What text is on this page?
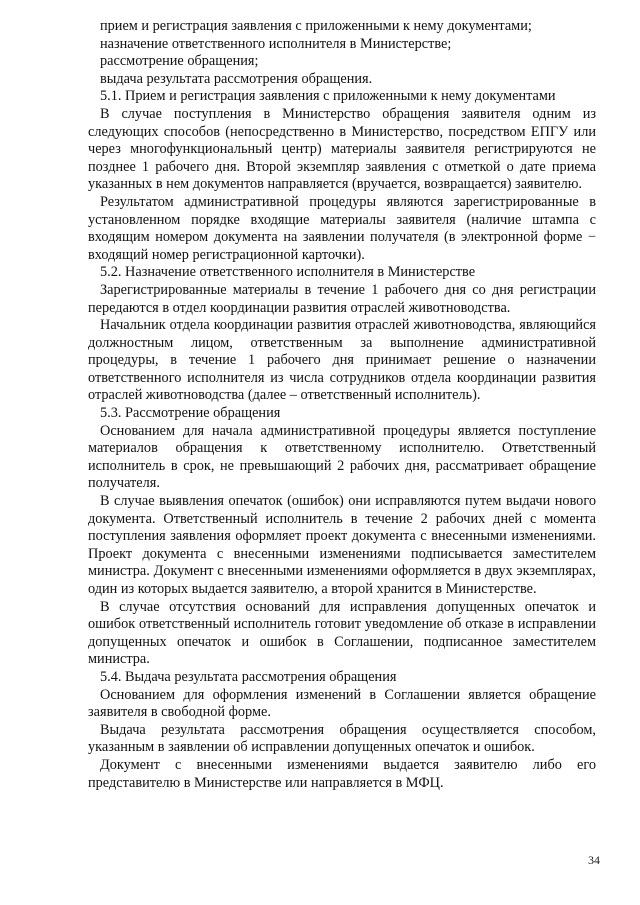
прием и регистрация заявления с приложенными к нему документами;

назначение ответственного исполнителя в Министерстве;

рассмотрение обращения;

выдача результата рассмотрения обращения.

5.1. Прием и регистрация заявления с приложенными к нему документами

В случае поступления в Министерство обращения заявителя одним из следующих способов (непосредственно в Министерство, посредством ЕПГУ или через многофункциональный центр) материалы заявителя регистрируются не позднее 1 рабочего дня. Второй экземпляр заявления с отметкой о дате приема указанных в нем документов направляется (вручается, возвращается) заявителю.

Результатом административной процедуры являются зарегистрированные в установленном порядке входящие материалы заявителя (наличие штампа с входящим номером документа на заявлении получателя (в электронной форме − входящий номер регистрационной карточки).

5.2. Назначение ответственного исполнителя в Министерстве

Зарегистрированные материалы в течение 1 рабочего дня со дня регистрации передаются в отдел координации развития отраслей животноводства.

Начальник отдела координации развития отраслей животноводства, являющийся должностным лицом, ответственным за выполнение административной процедуры, в течение 1 рабочего дня принимает решение о назначении ответственного исполнителя из числа сотрудников отдела координации развития отраслей животноводства (далее – ответственный исполнитель).

5.3. Рассмотрение обращения

Основанием для начала административной процедуры является поступление материалов обращения к ответственному исполнителю. Ответственный исполнитель в срок, не превышающий 2 рабочих дня, рассматривает обращение получателя.

В случае выявления опечаток (ошибок) они исправляются путем выдачи нового документа. Ответственный исполнитель в течение 2 рабочих дней с момента поступления заявления оформляет проект документа с внесенными изменениями. Проект документа с внесенными изменениями подписывается заместителем министра. Документ с внесенными изменениями оформляется в двух экземплярах, один из которых выдается заявителю, а второй хранится в Министерстве.

В случае отсутствия оснований для исправления допущенных опечаток и ошибок ответственный исполнитель готовит уведомление об отказе в исправлении допущенных опечаток и ошибок в Соглашении, подписанное заместителем министра.

5.4. Выдача результата рассмотрения обращения

Основанием для оформления изменений в Соглашении является обращение заявителя в свободной форме.

Выдача результата рассмотрения обращения осуществляется способом, указанным в заявлении об исправлении допущенных опечаток и ошибок.

Документ с внесенными изменениями выдается заявителю либо его представителю в Министерстве или направляется в МФЦ.

34
